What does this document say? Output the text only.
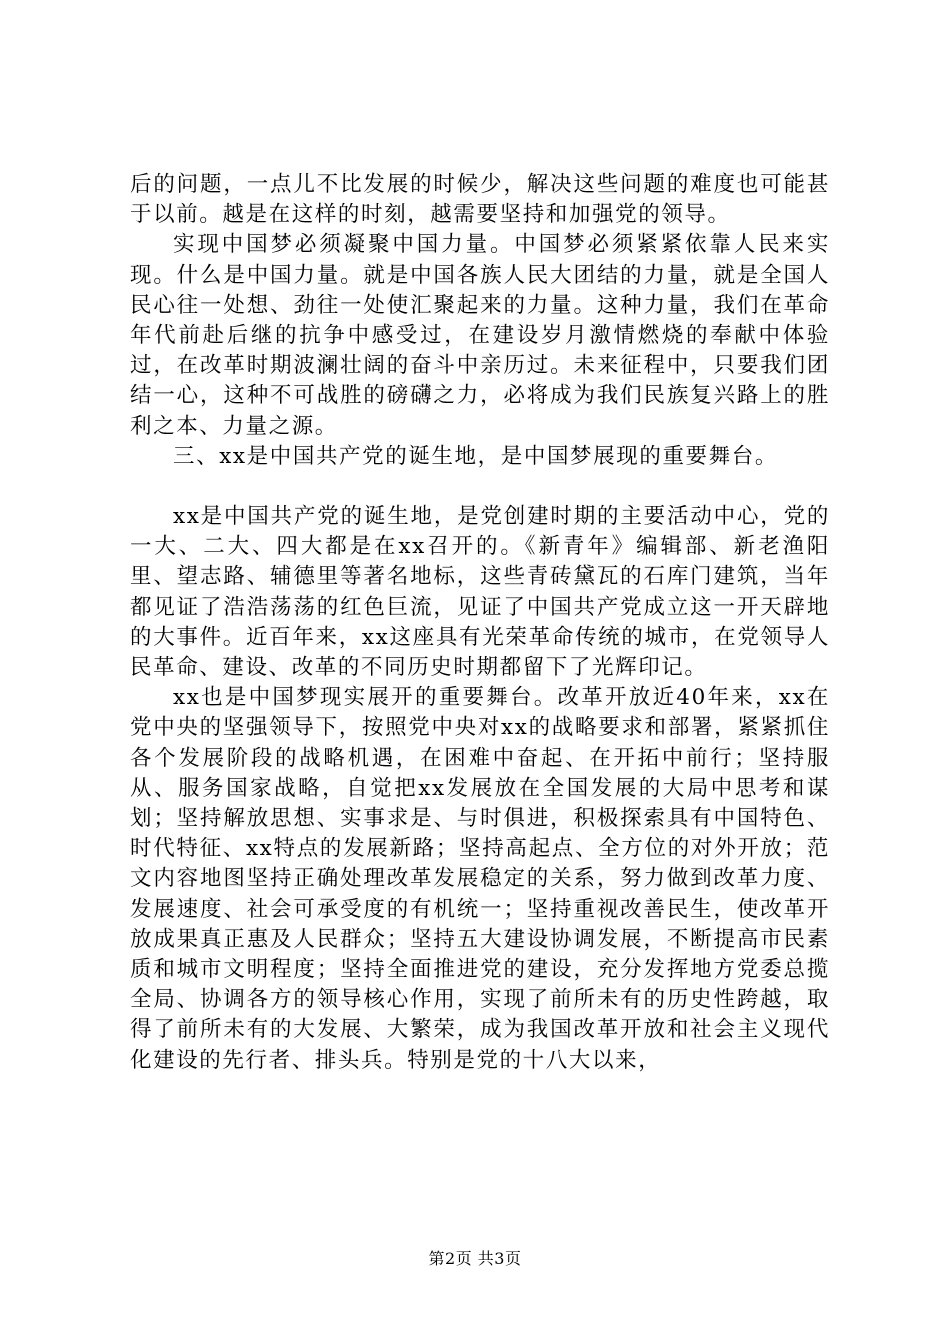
后的问题，一点儿不比发展的时候少，解决这些问题的难度也可能甚于以前。越是在这样的时刻，越需要坚持和加强党的领导。

实现中国梦必须凝聚中国力量。中国梦必须紧紧依靠人民来实现。什么是中国力量。就是中国各族人民大团结的力量，就是全国人民心往一处想、劲往一处使汇聚起来的力量。这种力量，我们在革命年代前赴后继的抗争中感受过，在建设岁月激情燃烧的奉献中体验过，在改革时期波澜壮阔的奋斗中亲历过。未来征程中，只要我们团结一心，这种不可战胜的磅礴之力，必将成为我们民族复兴路上的胜利之本、力量之源。

三、xx是中国共产党的诞生地，是中国梦展现的重要舞台。

xx是中国共产党的诞生地，是党创建时期的主要活动中心，党的一大、二大、四大都是在xx召开的。《新青年》编辑部、新老渔阳里、望志路、辅德里等著名地标，这些青砖黛瓦的石库门建筑，当年都见证了浩浩荡荡的红色巨流，见证了中国共产党成立这一开天辟地的大事件。近百年来，xx这座具有光荣革命传统的城市，在党领导人民革命、建设、改革的不同历史时期都留下了光辉印记。

xx也是中国梦现实展开的重要舞台。改革开放近40年来，xx在党中央的坚强领导下，按照党中央对xx的战略要求和部署，紧紧抓住各个发展阶段的战略机遇，在困难中奋起、在开拓中前行；坚持服从、服务国家战略，自觉把xx发展放在全国发展的大局中思考和谋划；坚持解放思想、实事求是、与时俱进，积极探索具有中国特色、时代特征、xx特点的发展新路；坚持高起点、全方位的对外开放；范文内容地图坚持正确处理改革发展稳定的关系，努力做到改革力度、发展速度、社会可承受度的有机统一；坚持重视改善民生，使改革开放成果真正惠及人民群众；坚持五大建设协调发展，不断提高市民素质和城市文明程度；坚持全面推进党的建设，充分发挥地方党委总揽全局、协调各方的领导核心作用，实现了前所未有的历史性跨越，取得了前所未有的大发展、大繁荣，成为我国改革开放和社会主义现代化建设的先行者、排头兵。特别是党的十八大以来，

第2页 共3页
